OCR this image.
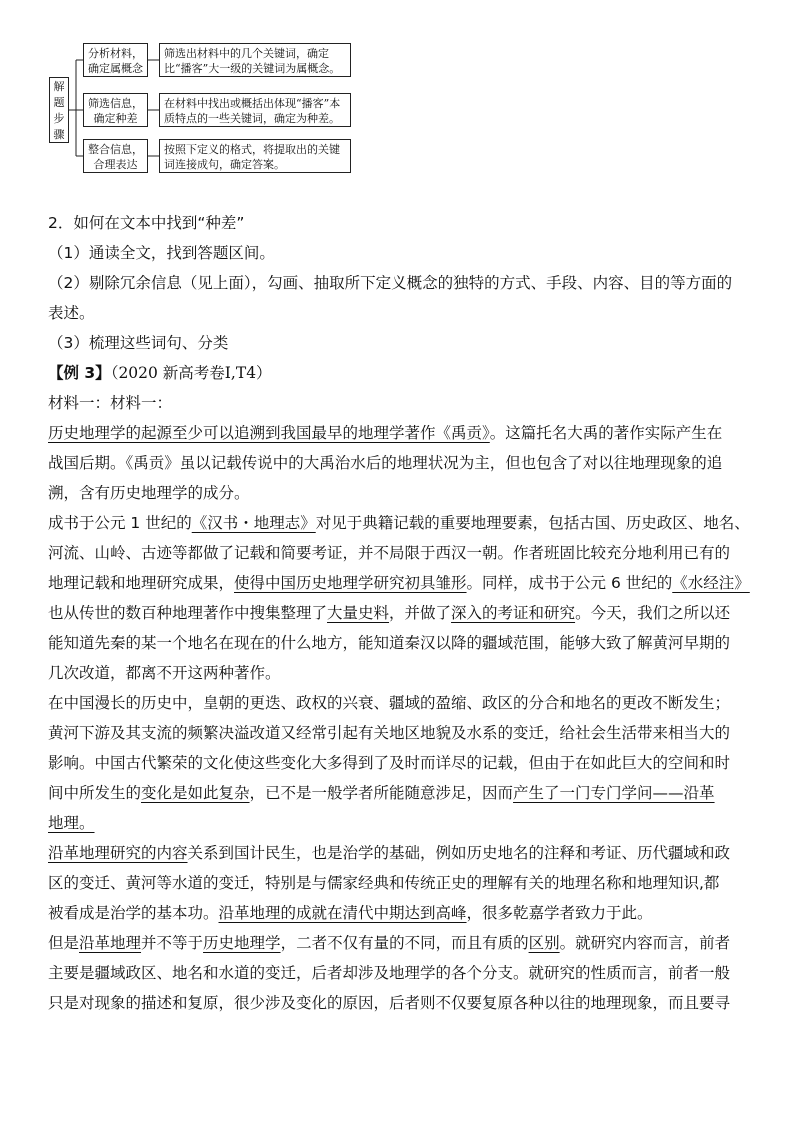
解
题
步
骤
分析材料，确定属概念
筛选出材料中的几个关键词，确定比“播客”大一级的关键词为属概念。
筛选信息，确定种差
在材料中找出或概括出体现“播客”本质特点的一些关键词，确定为种差。
整合信息，合理表达
按照下定义的格式，将提取出的关键词连接成句，确定答案。

2．如何在文本中找到“种差”

（1）通读全文，找到答题区间。

（2）剔除冗余信息（见上面），勾画、抽取所下定义概念的独特的方式、手段、内容、目的等方面的

表述。

（3）梳理这些词句、分类

【例 3】（2020 新高考卷Ⅰ,T4）

材料一：材料一：

历史地理学的起源至少可以追溯到我国最早的地理学著作《禹贡》。这篇托名大禹的著作实际产生在

战国后期。《禹贡》虽以记载传说中的大禹治水后的地理状况为主，但也包含了对以往地理现象的追

溯，含有历史地理学的成分。

成书于公元 1 世纪的《汉书・地理志》对见于典籍记载的重要地理要素，包括古国、历史政区、地名、

河流、山岭、古迹等都做了记载和简要考证，并不局限于西汉一朝。作者班固比较充分地利用已有的

地理记载和地理研究成果，使得中国历史地理学研究初具雏形。同样，成书于公元 6 世纪的《水经注》

也从传世的数百种地理著作中搜集整理了大量史料，并做了深入的考证和研究。今天，我们之所以还

能知道先秦的某一个地名在现在的什么地方，能知道秦汉以降的疆域范围，能够大致了解黄河早期的

几次改道，都离不开这两种著作。

在中国漫长的历史中，皇朝的更迭、政权的兴衰、疆域的盈缩、政区的分合和地名的更改不断发生；

黄河下游及其支流的频繁决溢改道又经常引起有关地区地貌及水系的变迁，给社会生活带来相当大的

影响。中国古代繁荣的文化使这些变化大多得到了及时而详尽的记载，但由于在如此巨大的空间和时

间中所发生的变化是如此复杂，已不是一般学者所能随意涉足，因而产生了一门专门学问——沿革

地理。

沿革地理研究的内容关系到国计民生，也是治学的基础，例如历史地名的注释和考证、历代疆域和政

区的变迁、黄河等水道的变迁，特别是与儒家经典和传统正史的理解有关的地理名称和地理知识,都

被看成是治学的基本功。沿革地理的成就在清代中期达到高峰，很多乾嘉学者致力于此。

但是沿革地理并不等于历史地理学，二者不仅有量的不同，而且有质的区别。就研究内容而言，前者

主要是疆域政区、地名和水道的变迁，后者却涉及地理学的各个分支。就研究的性质而言，前者一般

只是对现象的描述和复原，很少涉及变化的原因，后者则不仅要复原各种以往的地理现象，而且要寻
